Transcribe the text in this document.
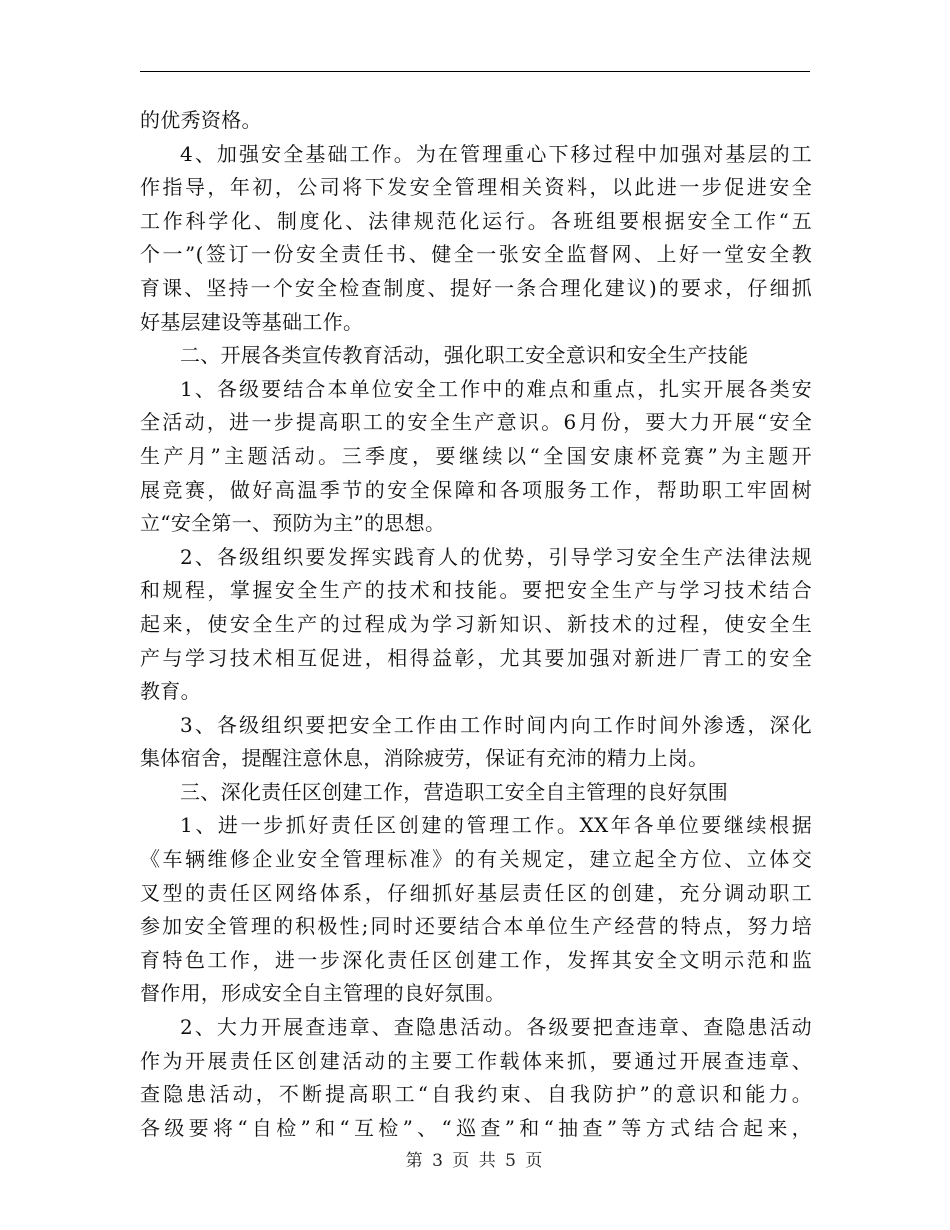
的优秀资格。
4、加强安全基础工作。为在管理重心下移过程中加强对基层的工
作指导，年初，公司将下发安全管理相关资料，以此进一步促进安全
工作科学化、制度化、法律规范化运行。各班组要根据安全工作“五
个一”(签订一份安全责任书、健全一张安全监督网、上好一堂安全教
育课、坚持一个安全检查制度、提好一条合理化建议)的要求，仔细抓
好基层建设等基础工作。
二、开展各类宣传教育活动，强化职工安全意识和安全生产技能
1、各级要结合本单位安全工作中的难点和重点，扎实开展各类安
全活动，进一步提高职工的安全生产意识。6月份，要大力开展“安全
生产月”主题活动。三季度，要继续以“全国安康杯竞赛”为主题开
展竞赛，做好高温季节的安全保障和各项服务工作，帮助职工牢固树
立“安全第一、预防为主”的思想。
2、各级组织要发挥实践育人的优势，引导学习安全生产法律法规
和规程，掌握安全生产的技术和技能。要把安全生产与学习技术结合
起来，使安全生产的过程成为学习新知识、新技术的过程，使安全生
产与学习技术相互促进，相得益彰，尤其要加强对新进厂青工的安全
教育。
3、各级组织要把安全工作由工作时间内向工作时间外渗透，深化
集体宿舍，提醒注意休息，消除疲劳，保证有充沛的精力上岗。
三、深化责任区创建工作，营造职工安全自主管理的良好氛围
1、进一步抓好责任区创建的管理工作。XX年各单位要继续根据
《车辆维修企业安全管理标准》的有关规定，建立起全方位、立体交
叉型的责任区网络体系，仔细抓好基层责任区的创建，充分调动职工
参加安全管理的积极性;同时还要结合本单位生产经营的特点，努力培
育特色工作，进一步深化责任区创建工作，发挥其安全文明示范和监
督作用，形成安全自主管理的良好氛围。
2、大力开展查违章、查隐患活动。各级要把查违章、查隐患活动
作为开展责任区创建活动的主要工作载体来抓，要通过开展查违章、
查隐患活动，不断提高职工“自我约束、自我防护”的意识和能力。
各级要将“自检”和“互检”、“巡查”和“抽查”等方式结合起来，
第 3 页 共 5 页
